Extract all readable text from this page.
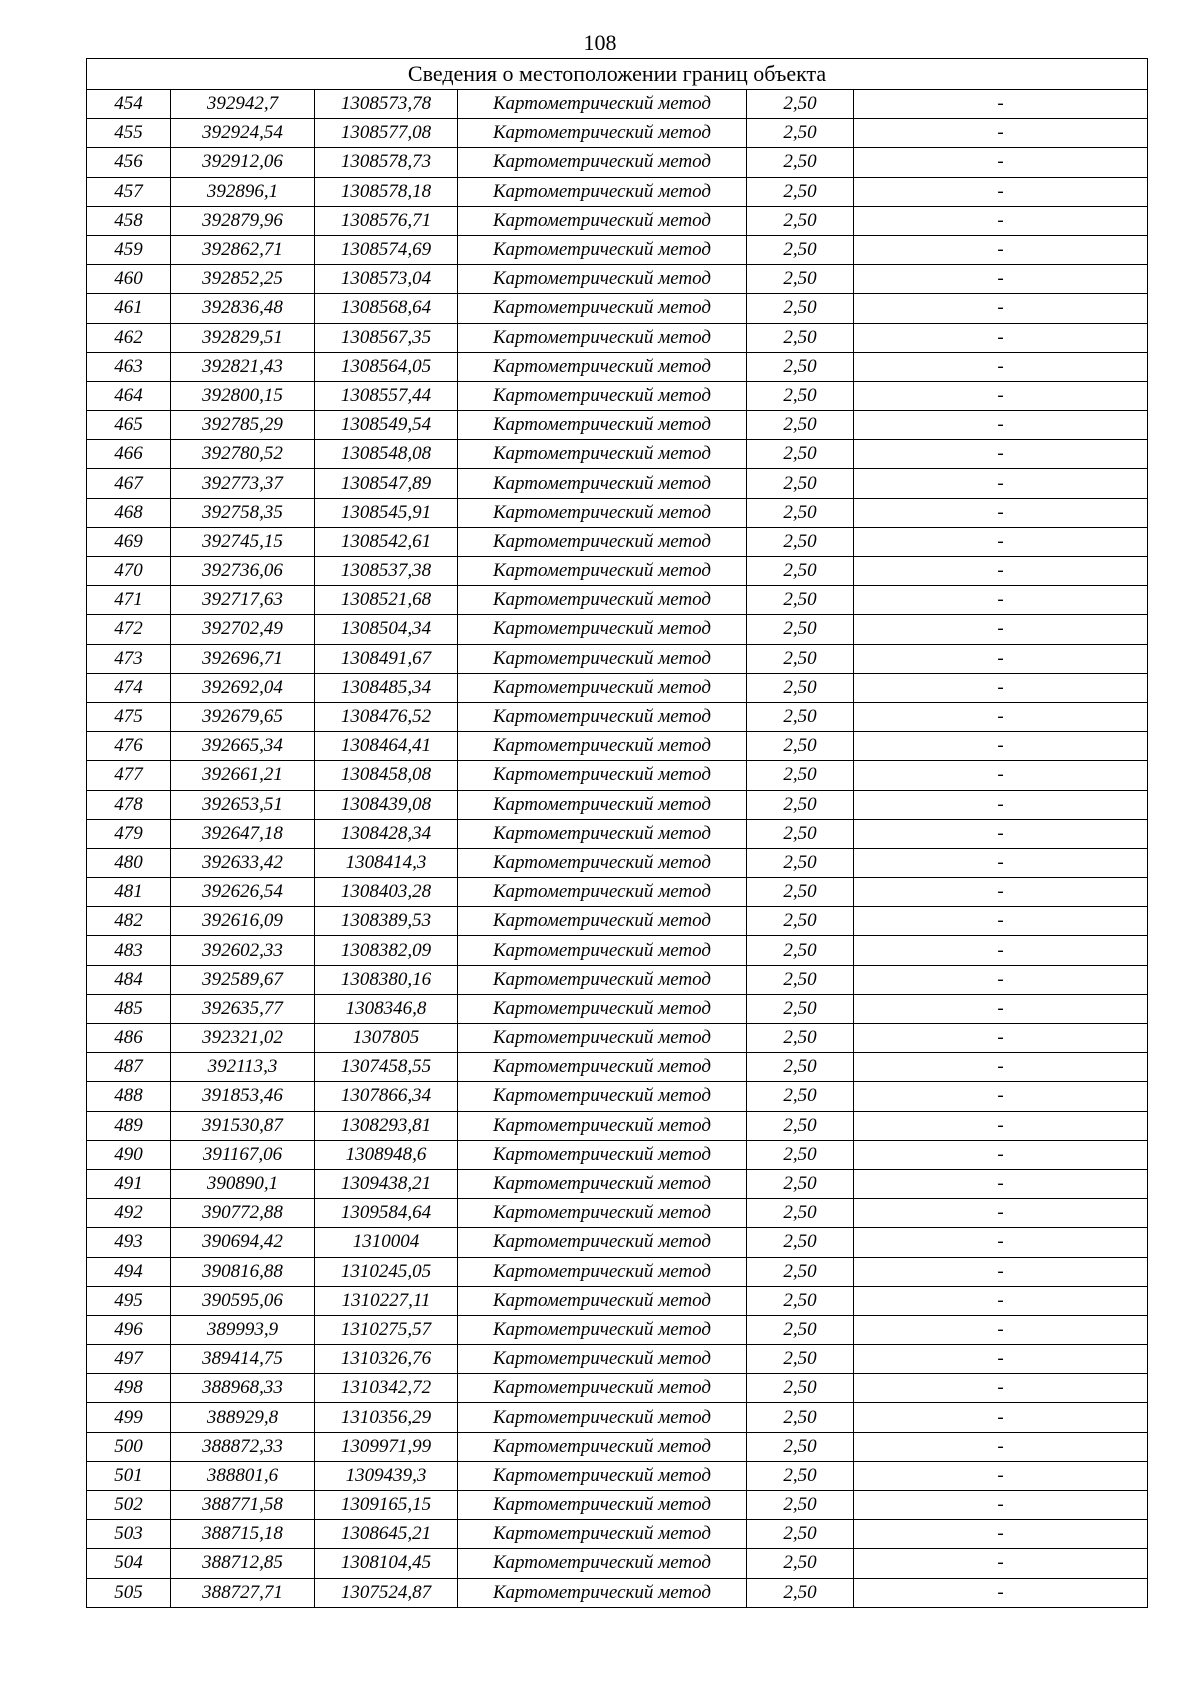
108
Сведения о местоположении границ объекта					
454	392942,7	1308573,78	Картометрический метод	2,50	-
455	392924,54	1308577,08	Картометрический метод	2,50	-
456	392912,06	1308578,73	Картометрический метод	2,50	-
457	392896,1	1308578,18	Картометрический метод	2,50	-
458	392879,96	1308576,71	Картометрический метод	2,50	-
459	392862,71	1308574,69	Картометрический метод	2,50	-
460	392852,25	1308573,04	Картометрический метод	2,50	-
461	392836,48	1308568,64	Картометрический метод	2,50	-
462	392829,51	1308567,35	Картометрический метод	2,50	-
463	392821,43	1308564,05	Картометрический метод	2,50	-
464	392800,15	1308557,44	Картометрический метод	2,50	-
465	392785,29	1308549,54	Картометрический метод	2,50	-
466	392780,52	1308548,08	Картометрический метод	2,50	-
467	392773,37	1308547,89	Картометрический метод	2,50	-
468	392758,35	1308545,91	Картометрический метод	2,50	-
469	392745,15	1308542,61	Картометрический метод	2,50	-
470	392736,06	1308537,38	Картометрический метод	2,50	-
471	392717,63	1308521,68	Картометрический метод	2,50	-
472	392702,49	1308504,34	Картометрический метод	2,50	-
473	392696,71	1308491,67	Картометрический метод	2,50	-
474	392692,04	1308485,34	Картометрический метод	2,50	-
475	392679,65	1308476,52	Картометрический метод	2,50	-
476	392665,34	1308464,41	Картометрический метод	2,50	-
477	392661,21	1308458,08	Картометрический метод	2,50	-
478	392653,51	1308439,08	Картометрический метод	2,50	-
479	392647,18	1308428,34	Картометрический метод	2,50	-
480	392633,42	1308414,3	Картометрический метод	2,50	-
481	392626,54	1308403,28	Картометрический метод	2,50	-
482	392616,09	1308389,53	Картометрический метод	2,50	-
483	392602,33	1308382,09	Картометрический метод	2,50	-
484	392589,67	1308380,16	Картометрический метод	2,50	-
485	392635,77	1308346,8	Картометрический метод	2,50	-
486	392321,02	1307805	Картометрический метод	2,50	-
487	392113,3	1307458,55	Картометрический метод	2,50	-
488	391853,46	1307866,34	Картометрический метод	2,50	-
489	391530,87	1308293,81	Картометрический метод	2,50	-
490	391167,06	1308948,6	Картометрический метод	2,50	-
491	390890,1	1309438,21	Картометрический метод	2,50	-
492	390772,88	1309584,64	Картометрический метод	2,50	-
493	390694,42	1310004	Картометрический метод	2,50	-
494	390816,88	1310245,05	Картометрический метод	2,50	-
495	390595,06	1310227,11	Картометрический метод	2,50	-
496	389993,9	1310275,57	Картометрический метод	2,50	-
497	389414,75	1310326,76	Картометрический метод	2,50	-
498	388968,33	1310342,72	Картометрический метод	2,50	-
499	388929,8	1310356,29	Картометрический метод	2,50	-
500	388872,33	1309971,99	Картометрический метод	2,50	-
501	388801,6	1309439,3	Картометрический метод	2,50	-
502	388771,58	1309165,15	Картометрический метод	2,50	-
503	388715,18	1308645,21	Картометрический метод	2,50	-
504	388712,85	1308104,45	Картометрический метод	2,50	-
505	388727,71	1307524,87	Картометрический метод	2,50	-
